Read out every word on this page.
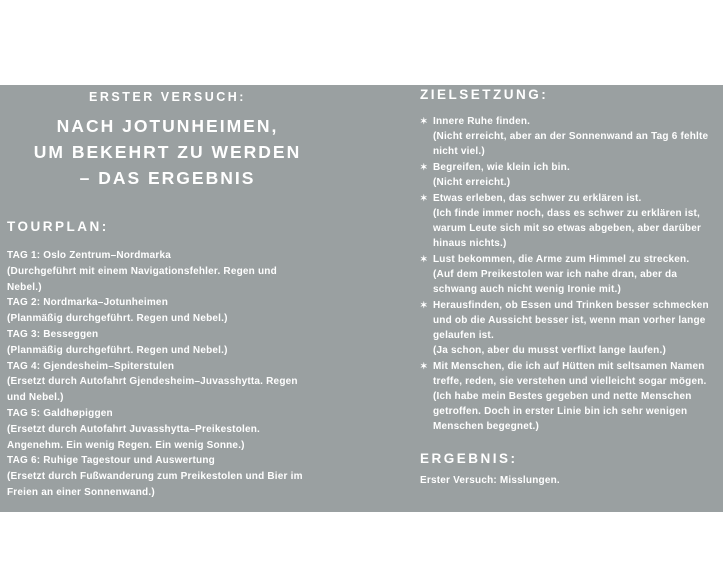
ERSTER VERSUCH:
NACH JOTUNHEIMEN,
UM BEKEHRT ZU WERDEN
– DAS ERGEBNIS
TOURPLAN:
TAG 1: Oslo Zentrum–Nordmarka
(Durchgeführt mit einem Navigationsfehler. Regen und Nebel.)
TAG 2: Nordmarka–Jotunheimen
(Planmäßig durchgeführt. Regen und Nebel.)
TAG 3: Besseggen
(Planmäßig durchgeführt. Regen und Nebel.)
TAG 4: Gjendesheim–Spiterstulen
(Ersetzt durch Autofahrt Gjendesheim–Juvasshytta. Regen und Nebel.)
TAG 5: Galdhøpiggen
(Ersetzt durch Autofahrt Juvasshytta–Preikestolen. Angenehm. Ein wenig Regen. Ein wenig Sonne.)
TAG 6: Ruhige Tagestour und Auswertung
(Ersetzt durch Fußwanderung zum Preikestolen und Bier im Freien an einer Sonnenwand.)
ZIELSETZUNG:
✶ Innere Ruhe finden.
(Nicht erreicht, aber an der Sonnenwand an Tag 6 fehlte nicht viel.)
✶ Begreifen, wie klein ich bin.
(Nicht erreicht.)
✶ Etwas erleben, das schwer zu erklären ist.
(Ich finde immer noch, dass es schwer zu erklären ist, warum Leute sich mit so etwas abgeben, aber darüber hinaus nichts.)
✶ Lust bekommen, die Arme zum Himmel zu strecken.
(Auf dem Preikestolen war ich nahe dran, aber da schwang auch nicht wenig Ironie mit.)
✶ Herausfinden, ob Essen und Trinken besser schmecken und ob die Aussicht besser ist, wenn man vorher lange gelaufen ist.
(Ja schon, aber du musst verflixt lange laufen.)
✶ Mit Menschen, die ich auf Hütten mit seltsamen Namen treffe, reden, sie verstehen und vielleicht sogar mögen.
(Ich habe mein Bestes gegeben und nette Menschen getroffen. Doch in erster Linie bin ich sehr wenigen Menschen begegnet.)
ERGEBNIS:
Erster Versuch: Misslungen.
